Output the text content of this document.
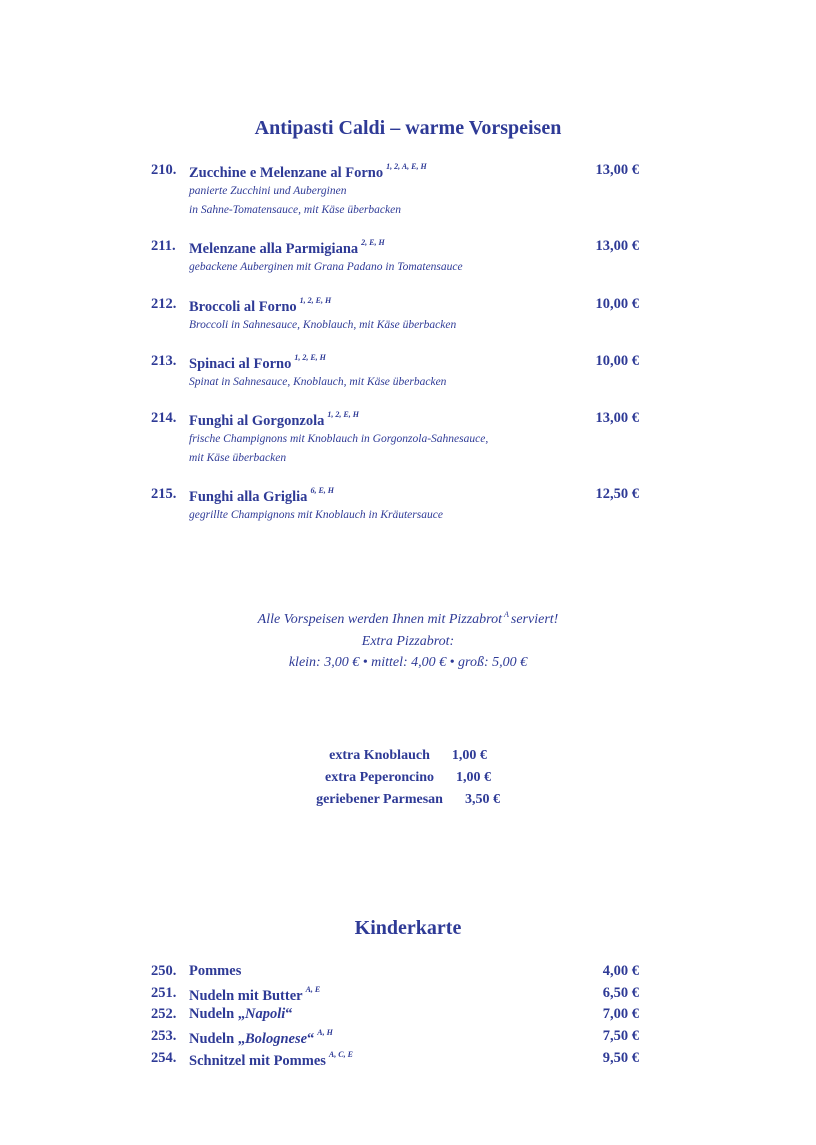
Antipasti Caldi – warme Vorspeisen
210. Zucchine e Melenzane al Forno $^{1, 2, A, E, H}$	13,00 €
panierte Zucchini und Auberginen
in Sahne-Tomatensauce, mit Käse überbacken
211. Melenzane alla Parmigiana $^{2, E, H}$	13,00 €
gebackene Auberginen mit Grana Padano in Tomatensauce
212. Broccoli al Forno $^{1, 2, E, H}$	10,00 €
Broccoli in Sahnesauce, Knoblauch, mit Käse überbacken
213. Spinaci al Forno $^{1, 2, E, H}$	10,00 €
Spinat in Sahnesauce, Knoblauch, mit Käse überbacken
214. Funghi al Gorgonzola $^{1, 2, E, H}$	13,00 €
frische Champignons mit Knoblauch in Gorgonzola-Sahnesauce,
mit Käse überbacken
215. Funghi alla Griglia $^{6, E, H}$	12,50 €
gegrillte Champignons mit Knoblauch in Kräutersauce
Alle Vorspeisen werden Ihnen mit Pizzabrot $^A$ serviert!
Extra Pizzabrot:
klein: 3,00 € • mittel: 4,00 € • groß: 5,00 €
extra Knoblauch 1,00 €
extra Peperoncino 1,00 €
geriebener Parmesan 3,50 €
Kinderkarte
250. Pommes	4,00 €
251. Nudeln mit Butter $^{A, E}$	6,50 €
252. Nudeln „Napoli“	7,00 €
253. Nudeln „Bolognese“ $^{A, H}$	7,50 €
254. Schnitzel mit Pommes $^{A, C, E}$	9,50 €
